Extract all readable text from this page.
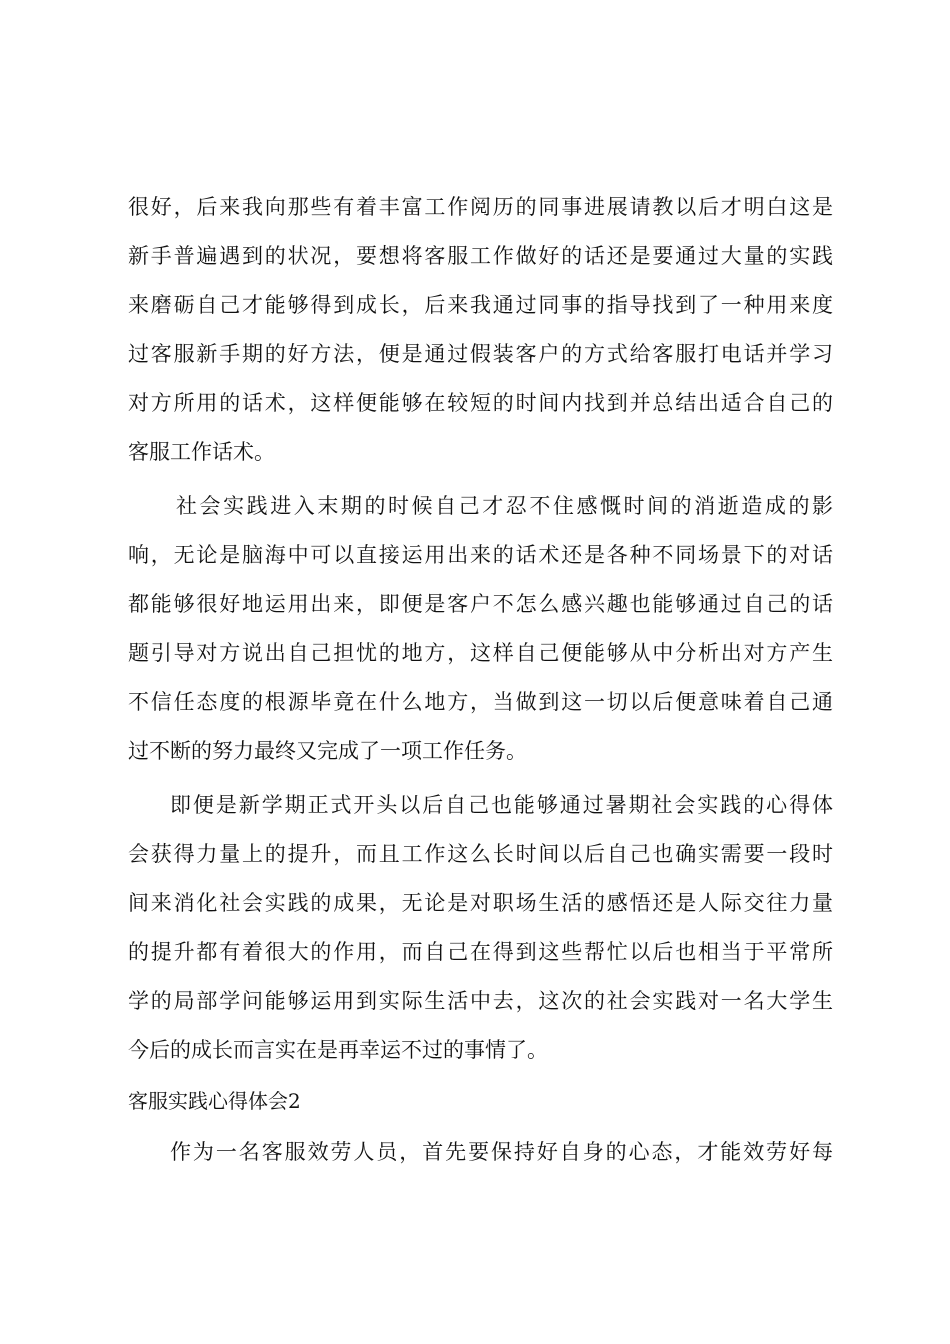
很好，后来我向那些有着丰富工作阅历的同事进展请教以后才明白这是
新手普遍遇到的状况，要想将客服工作做好的话还是要通过大量的实践
来磨砺自己才能够得到成长，后来我通过同事的指导找到了一种用来度
过客服新手期的好方法，便是通过假装客户的方式给客服打电话并学习
对方所用的话术，这样便能够在较短的时间内找到并总结出适合自己的
客服工作话术。
社会实践进入末期的时候自己才忍不住感慨时间的消逝造成的影
响，无论是脑海中可以直接运用出来的话术还是各种不同场景下的对话
都能够很好地运用出来，即便是客户不怎么感兴趣也能够通过自己的话
题引导对方说出自己担忧的地方，这样自己便能够从中分析出对方产生
不信任态度的根源毕竟在什么地方，当做到这一切以后便意味着自己通
过不断的努力最终又完成了一项工作任务。
即便是新学期正式开头以后自己也能够通过暑期社会实践的心得体
会获得力量上的提升，而且工作这么长时间以后自己也确实需要一段时
间来消化社会实践的成果，无论是对职场生活的感悟还是人际交往力量
的提升都有着很大的作用，而自己在得到这些帮忙以后也相当于平常所
学的局部学问能够运用到实际生活中去，这次的社会实践对一名大学生
今后的成长而言实在是再幸运不过的事情了。
客服实践心得体会2
作为一名客服效劳人员，首先要保持好自身的心态，才能效劳好每
